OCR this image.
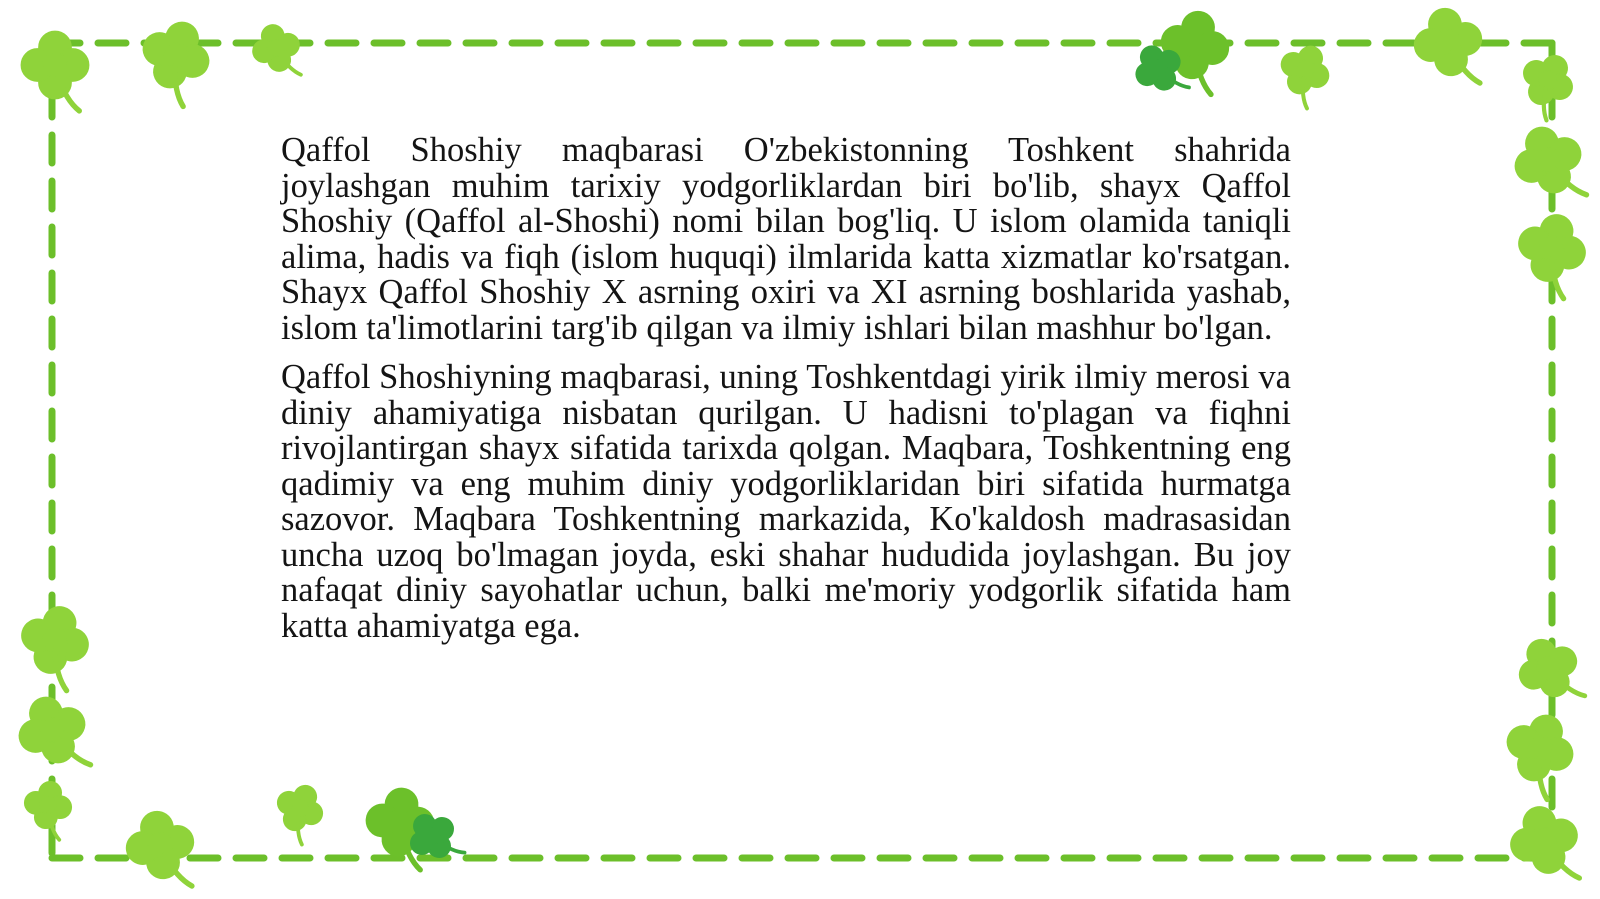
Qaffol Shoshiy maqbarasi O'zbekistonning Toshkent shahrida joylashgan muhim tarixiy yodgorliklardan biri bo'lib, shayx Qaffol Shoshiy (Qaffol al-Shoshi) nomi bilan bog'liq. U islom olamida taniqli alima, hadis va fiqh (islom huquqi) ilmlarida katta xizmatlar ko'rsatgan. Shayx Qaffol Shoshiy X asrning oxiri va XI asrning boshlarida yashab, islom ta'limotlarini targ'ib qilgan va ilmiy ishlari bilan mashhur bo'lgan.

Qaffol Shoshiyning maqbarasi, uning Toshkentdagi yirik ilmiy merosi va diniy ahamiyatiga nisbatan qurilgan. U hadisni to'plagan va fiqhni rivojlantirgan shayx sifatida tarixda qolgan. Maqbara, Toshkentning eng qadimiy va eng muhim diniy yodgorliklaridan biri sifatida hurmatga sazovor. Maqbara Toshkentning markazida, Ko'kaldosh madrasasidan uncha uzoq bo'lmagan joyda, eski shahar hududida joylashgan. Bu joy nafaqat diniy sayohatlar uchun, balki me'moriy yodgorlik sifatida ham katta ahamiyatga ega.
